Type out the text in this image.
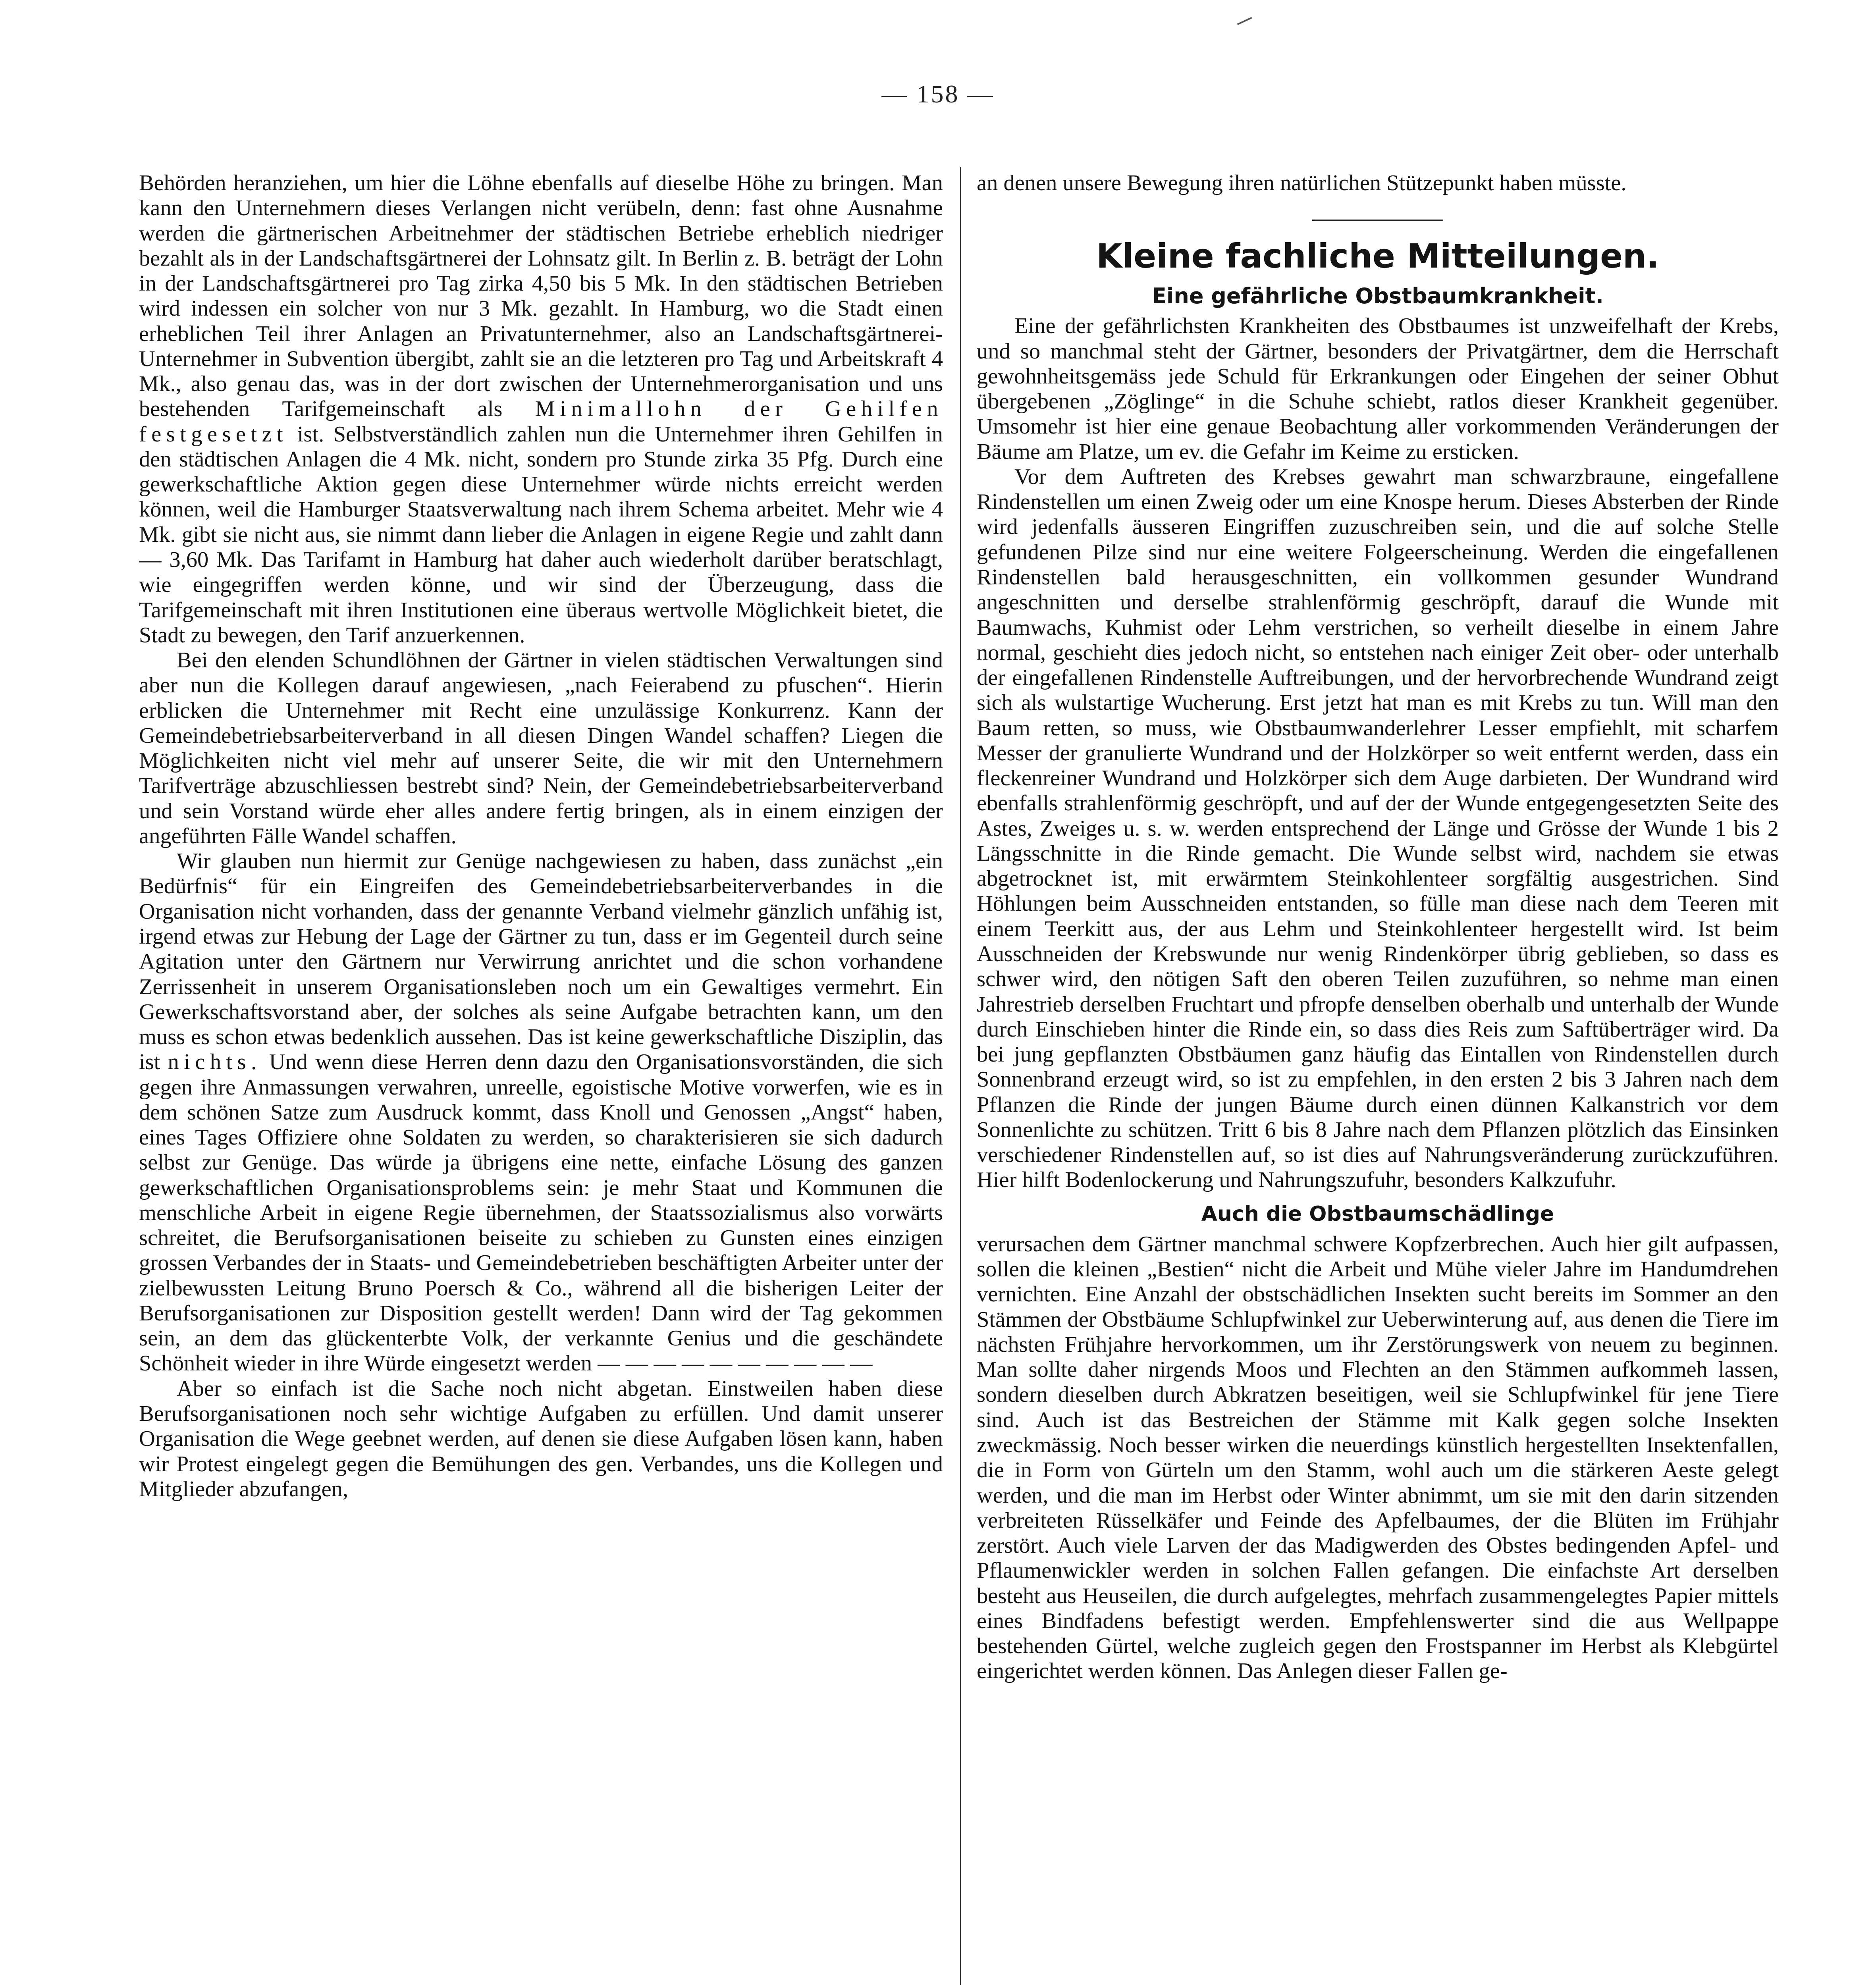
— 158 —

Behörden heranziehen, um hier die Löhne ebenfalls auf dieselbe Höhe zu bringen. Man kann den Unternehmern dieses Verlangen nicht verübeln, denn: fast ohne Ausnahme werden die gärtnerischen Arbeitnehmer der städtischen Betriebe erheblich niedriger bezahlt als in der Landschaftsgärtnerei der Lohnsatz gilt. In Berlin z. B. beträgt der Lohn in der Landschaftsgärtnerei pro Tag zirka 4,50 bis 5 Mk. In den städtischen Betrieben wird indessen ein solcher von nur 3 Mk. gezahlt. In Hamburg, wo die Stadt einen erheblichen Teil ihrer Anlagen an Privatunternehmer, also an Landschaftsgärtnerei-Unternehmer in Subvention übergibt, zahlt sie an die letzteren pro Tag und Arbeitskraft 4 Mk., also genau das, was in der dort zwischen der Unternehmerorganisation und uns bestehenden Tarifgemeinschaft als Minimallohn der Gehilfen festgesetzt ist. Selbstverständlich zahlen nun die Unternehmer ihren Gehilfen in den städtischen Anlagen die 4 Mk. nicht, sondern pro Stunde zirka 35 Pfg. Durch eine gewerkschaftliche Aktion gegen diese Unternehmer würde nichts erreicht werden können, weil die Hamburger Staatsverwaltung nach ihrem Schema arbeitet. Mehr wie 4 Mk. gibt sie nicht aus, sie nimmt dann lieber die Anlagen in eigene Regie und zahlt dann — 3,60 Mk. Das Tarifamt in Hamburg hat daher auch wiederholt darüber beratschlagt, wie eingegriffen werden könne, und wir sind der Überzeugung, dass die Tarifgemeinschaft mit ihren Institutionen eine überaus wertvolle Möglichkeit bietet, die Stadt zu bewegen, den Tarif anzuerkennen.

Bei den elenden Schundlöhnen der Gärtner in vielen städtischen Verwaltungen sind aber nun die Kollegen darauf angewiesen, „nach Feierabend zu pfuschen“. Hierin erblicken die Unternehmer mit Recht eine unzulässige Konkurrenz. Kann der Gemeindebetriebsarbeiterverband in all diesen Dingen Wandel schaffen? Liegen die Möglichkeiten nicht viel mehr auf unserer Seite, die wir mit den Unternehmern Tarifverträge abzuschliessen bestrebt sind? Nein, der Gemeindebetriebsarbeiterverband und sein Vorstand würde eher alles andere fertig bringen, als in einem einzigen der angeführten Fälle Wandel schaffen.

Wir glauben nun hiermit zur Genüge nachgewiesen zu haben, dass zunächst „ein Bedürfnis“ für ein Eingreifen des Gemeindebetriebsarbeiterverbandes in die Organisation nicht vorhanden, dass der genannte Verband vielmehr gänzlich unfähig ist, irgend etwas zur Hebung der Lage der Gärtner zu tun, dass er im Gegenteil durch seine Agitation unter den Gärtnern nur Verwirrung anrichtet und die schon vorhandene Zerrissenheit in unserem Organisationsleben noch um ein Gewaltiges vermehrt. Ein Gewerkschaftsvorstand aber, der solches als seine Aufgabe betrachten kann, um den muss es schon etwas bedenklich aussehen. Das ist keine gewerkschaftliche Disziplin, das ist nichts. Und wenn diese Herren denn dazu den Organisationsvorständen, die sich gegen ihre Anmassungen verwahren, unreelle, egoistische Motive vorwerfen, wie es in dem schönen Satze zum Ausdruck kommt, dass Knoll und Genossen „Angst“ haben, eines Tages Offiziere ohne Soldaten zu werden, so charakterisieren sie sich dadurch selbst zur Genüge. Das würde ja übrigens eine nette, einfache Lösung des ganzen gewerkschaftlichen Organisationsproblems sein: je mehr Staat und Kommunen die menschliche Arbeit in eigene Regie übernehmen, der Staatssozialismus also vorwärts schreitet, die Berufsorganisationen beiseite zu schieben zu Gunsten eines einzigen grossen Verbandes der in Staats- und Gemeindebetrieben beschäftigten Arbeiter unter der zielbewussten Leitung Bruno Poersch & Co., während all die bisherigen Leiter der Berufsorganisationen zur Disposition gestellt werden! Dann wird der Tag gekommen sein, an dem das glückenterbte Volk, der verkannte Genius und die geschändete Schönheit wieder in ihre Würde eingesetzt werden — — — — — — — — — —

Aber so einfach ist die Sache noch nicht abgetan. Einstweilen haben diese Berufsorganisationen noch sehr wichtige Aufgaben zu erfüllen. Und damit unserer Organisation die Wege geebnet werden, auf denen sie diese Aufgaben lösen kann, haben wir Protest eingelegt gegen die Bemühungen des gen. Verbandes, uns die Kollegen und Mitglieder abzufangen,

an denen unsere Bewegung ihren natürlichen Stützepunkt haben müsste.

Kleine fachliche Mitteilungen.
Eine gefährliche Obstbaumkrankheit.

Eine der gefährlichsten Krankheiten des Obstbaumes ist unzweifelhaft der Krebs, und so manchmal steht der Gärtner, besonders der Privatgärtner, dem die Herrschaft gewohnheitsgemäss jede Schuld für Erkrankungen oder Eingehen der seiner Obhut übergebenen „Zöglinge“ in die Schuhe schiebt, ratlos dieser Krankheit gegenüber. Umsomehr ist hier eine genaue Beobachtung aller vorkommenden Veränderungen der Bäume am Platze, um ev. die Gefahr im Keime zu ersticken.

Vor dem Auftreten des Krebses gewahrt man schwarzbraune, eingefallene Rindenstellen um einen Zweig oder um eine Knospe herum. Dieses Absterben der Rinde wird jedenfalls äusseren Eingriffen zuzuschreiben sein, und die auf solche Stelle gefundenen Pilze sind nur eine weitere Folgeerscheinung. Werden die eingefallenen Rindenstellen bald herausgeschnitten, ein vollkommen gesunder Wundrand angeschnitten und derselbe strahlenförmig geschröpft, darauf die Wunde mit Baumwachs, Kuhmist oder Lehm verstrichen, so verheilt dieselbe in einem Jahre normal, geschieht dies jedoch nicht, so entstehen nach einiger Zeit ober- oder unterhalb der eingefallenen Rindenstelle Auftreibungen, und der hervorbrechende Wundrand zeigt sich als wulstartige Wucherung. Erst jetzt hat man es mit Krebs zu tun. Will man den Baum retten, so muss, wie Obstbaumwanderlehrer Lesser empfiehlt, mit scharfem Messer der granulierte Wundrand und der Holzkörper so weit entfernt werden, dass ein fleckenreiner Wundrand und Holzkörper sich dem Auge darbieten. Der Wundrand wird ebenfalls strahlenförmig geschröpft, und auf der der Wunde entgegengesetzten Seite des Astes, Zweiges u. s. w. werden entsprechend der Länge und Grösse der Wunde 1 bis 2 Längsschnitte in die Rinde gemacht. Die Wunde selbst wird, nachdem sie etwas abgetrocknet ist, mit erwärmtem Steinkohlenteer sorgfältig ausgestrichen. Sind Höhlungen beim Ausschneiden entstanden, so fülle man diese nach dem Teeren mit einem Teerkitt aus, der aus Lehm und Steinkohlenteer hergestellt wird. Ist beim Ausschneiden der Krebswunde nur wenig Rindenkörper übrig geblieben, so dass es schwer wird, den nötigen Saft den oberen Teilen zuzuführen, so nehme man einen Jahrestrieb derselben Fruchtart und pfropfe denselben oberhalb und unterhalb der Wunde durch Einschieben hinter die Rinde ein, so dass dies Reis zum Saftüberträger wird. Da bei jung gepflanzten Obstbäumen ganz häufig das Eintallen von Rindenstellen durch Sonnenbrand erzeugt wird, so ist zu empfehlen, in den ersten 2 bis 3 Jahren nach dem Pflanzen die Rinde der jungen Bäume durch einen dünnen Kalkanstrich vor dem Sonnenlichte zu schützen. Tritt 6 bis 8 Jahre nach dem Pflanzen plötzlich das Einsinken verschiedener Rindenstellen auf, so ist dies auf Nahrungsveränderung zurückzuführen. Hier hilft Bodenlockerung und Nahrungszufuhr, besonders Kalkzufuhr.

Auch die Obstbaumschädlinge

verursachen dem Gärtner manchmal schwere Kopfzerbrechen. Auch hier gilt aufpassen, sollen die kleinen „Bestien“ nicht die Arbeit und Mühe vieler Jahre im Handumdrehen vernichten. Eine Anzahl der obstschädlichen Insekten sucht bereits im Sommer an den Stämmen der Obstbäume Schlupfwinkel zur Ueberwinterung auf, aus denen die Tiere im nächsten Frühjahre hervorkommen, um ihr Zerstörungswerk von neuem zu beginnen. Man sollte daher nirgends Moos und Flechten an den Stämmen aufkommeh lassen, sondern dieselben durch Abkratzen beseitigen, weil sie Schlupfwinkel für jene Tiere sind. Auch ist das Bestreichen der Stämme mit Kalk gegen solche Insekten zweckmässig. Noch besser wirken die neuerdings künstlich hergestellten Insektenfallen, die in Form von Gürteln um den Stamm, wohl auch um die stärkeren Aeste gelegt werden, und die man im Herbst oder Winter abnimmt, um sie mit den darin sitzenden verbreiteten Rüsselkäfer und Feinde des Apfelbaumes, der die Blüten im Frühjahr zerstört. Auch viele Larven der das Madigwerden des Obstes bedingenden Apfel- und Pflaumenwickler werden in solchen Fallen gefangen. Die einfachste Art derselben besteht aus Heuseilen, die durch aufgelegtes, mehrfach zusammengelegtes Papier mittels eines Bindfadens befestigt werden. Empfehlenswerter sind die aus Wellpappe bestehenden Gürtel, welche zugleich gegen den Frostspanner im Herbst als Klebgürtel eingerichtet werden können. Das Anlegen dieser Fallen ge-
